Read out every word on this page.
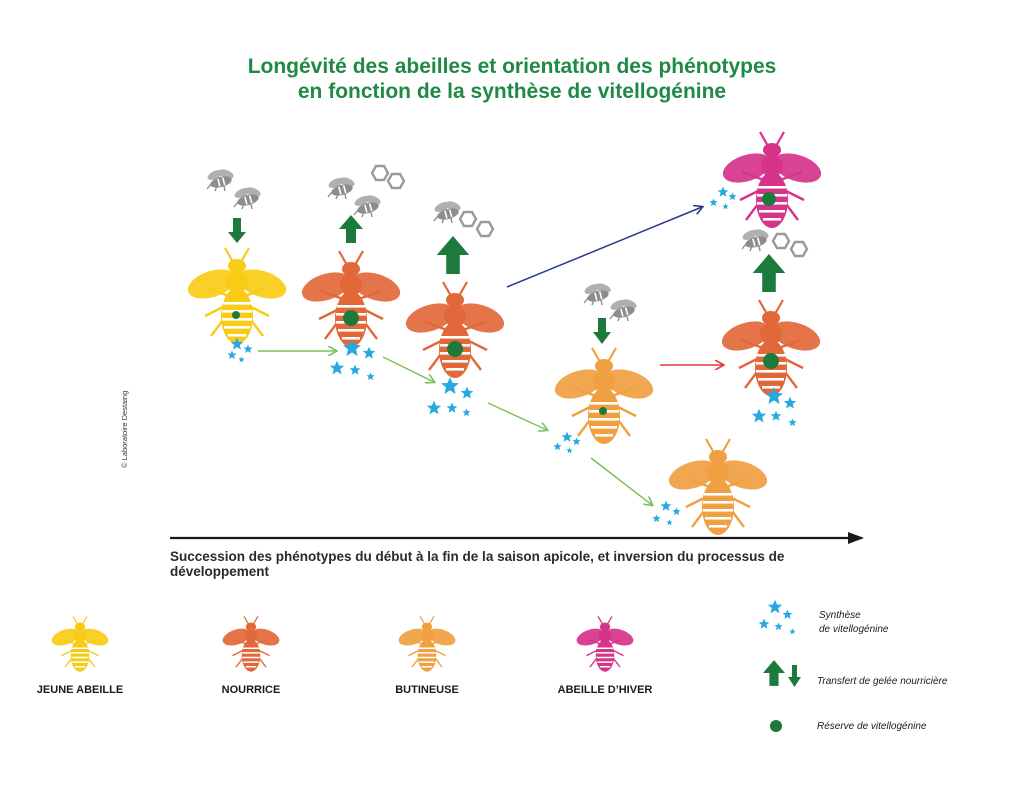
Longévité des abeilles et orientation des phénotypes
en fonction de la synthèse de vitellogénine
© Laboratoire Destaing
Succession des phénotypes du début à la fin de la saison apicole, et inversion du processus de développement
JEUNE ABEILLE	NOURRICE	BUTINEUSE	ABEILLE D’HIVER
Synthèse
de vitellogénine
Transfert de gelée nourricière
Réserve de vitellogénine
